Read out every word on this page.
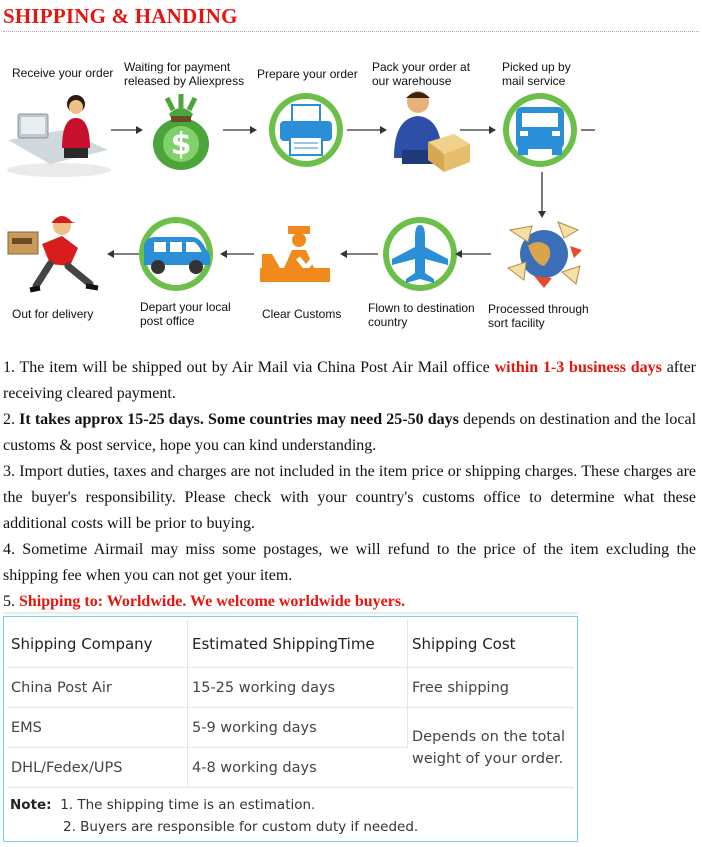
SHIPPING & HANDING
Receive your order Waiting for payment released by Aliexpress	Prepare your order Pack your order at our warehouse
Picked up by mail service
$
Out for delivery	Depart your local post office	Clear Customs Flown to destination country
Processed through sort facility

1. The item will be shipped out by Air Mail via China Post Air Mail office within 1-3 business days after receiving cleared payment.

2. It takes approx 15-25 days. Some countries may need 25-50 days depends on destination and the local customs & post service, hope you can kind understanding.

3. Import duties, taxes and charges are not included in the item price or shipping charges. These charges are the buyer's responsibility. Please check with your country's customs office to determine what these additional costs will be prior to buying.

4. Sometime Airmail may miss some postages, we will refund to the price of the item excluding the shipping fee when you can not get your item.

5. Shipping to: Worldwide. We welcome worldwide buyers.

Shipping Company	Estimated ShippingTime	Shipping Cost
China Post Air	15-25 working days	Free shipping
EMS	5-9 working days	Depends on the total weight of your order.
DHL/Fedex/UPS	4-8 working days	
Note: 1. The shipping time is an estimation.
2. Buyers are responsible for custom duty if needed.
